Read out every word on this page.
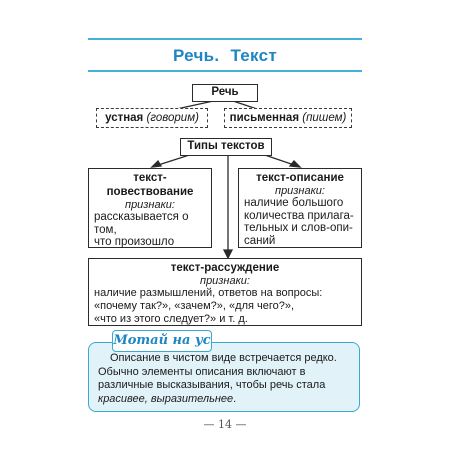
Речь. Текст
Речь
устная (говорим)	письменная (пишем)
Типы текстов
текст-повествование
признаки:
рассказывается о том,
что произошло
текст-описание
признаки:
наличие большого
количества прилага-
тельных и слов-опи-
саний
текст-рассуждение
признаки:
наличие размышлений, ответов на вопросы:
«почему так?», «зачем?», «для чего?»,
«что из этого следует?» и т. д.
Мотай на ус
Описание в чистом виде встречается редко. Обычно элементы описания включают в различные высказывания, чтобы речь стала красивее, выразительнее.
— 14 —
